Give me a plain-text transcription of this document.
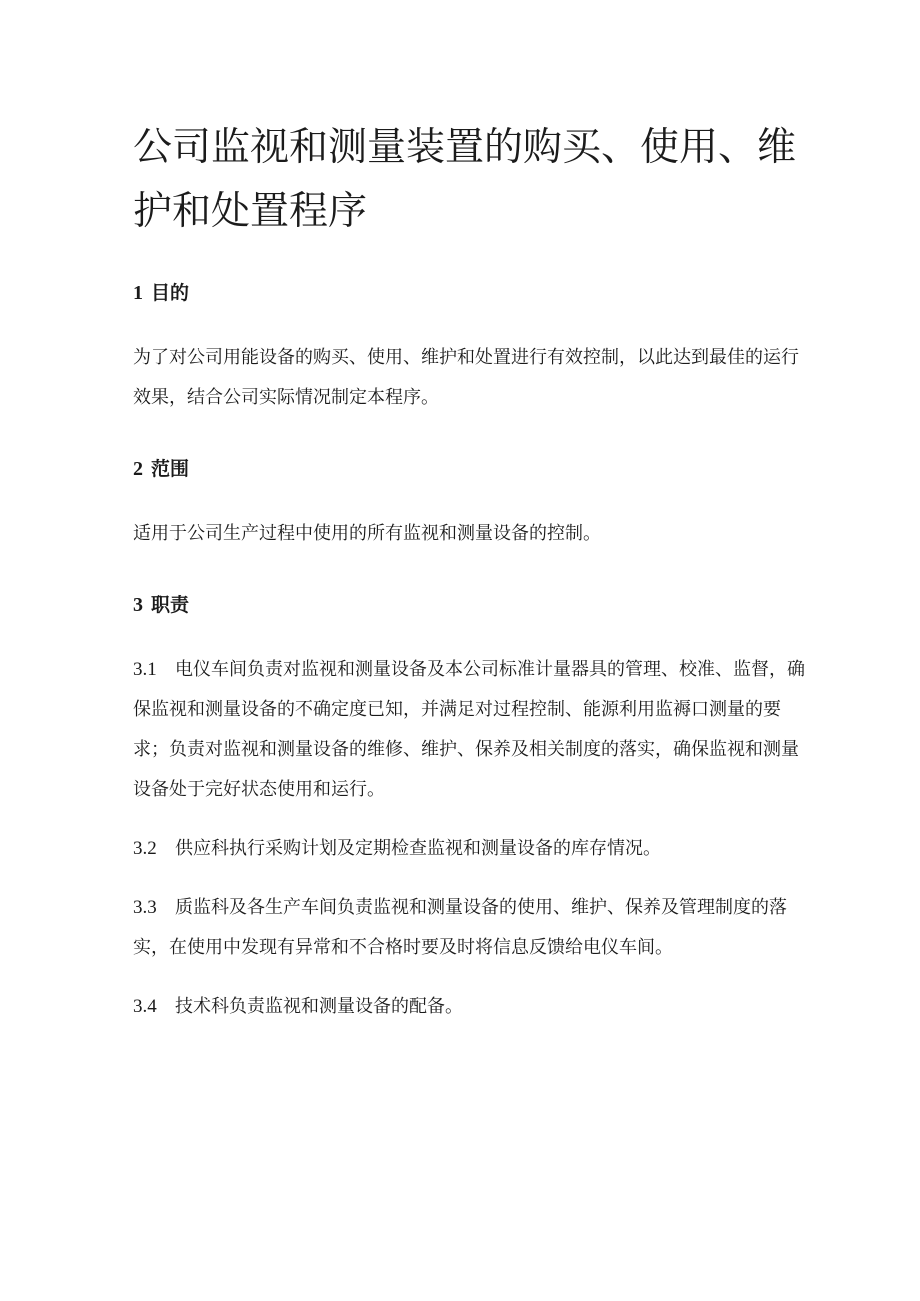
公司监视和测量装置的购买、使用、维护和处置程序
1 目的

为了对公司用能设备的购买、使用、维护和处置进行有效控制，以此达到最佳的运行效果，结合公司实际情况制定本程序。

2 范围

适用于公司生产过程中使用的所有监视和测量设备的控制。

3 职责

3.1 电仪车间负责对监视和测量设备及本公司标准计量器具的管理、校准、监督，确保监视和测量设备的不确定度已知，并满足对过程控制、能源利用监褥口测量的要求；负责对监视和测量设备的维修、维护、保养及相关制度的落实，确保监视和测量设备处于完好状态使用和运行。

3.2 供应科执行采购计划及定期检查监视和测量设备的库存情况。

3.3 质监科及各生产车间负责监视和测量设备的使用、维护、保养及管理制度的落实，在使用中发现有异常和不合格时要及时将信息反馈给电仪车间。

3.4 技术科负责监视和测量设备的配备。
